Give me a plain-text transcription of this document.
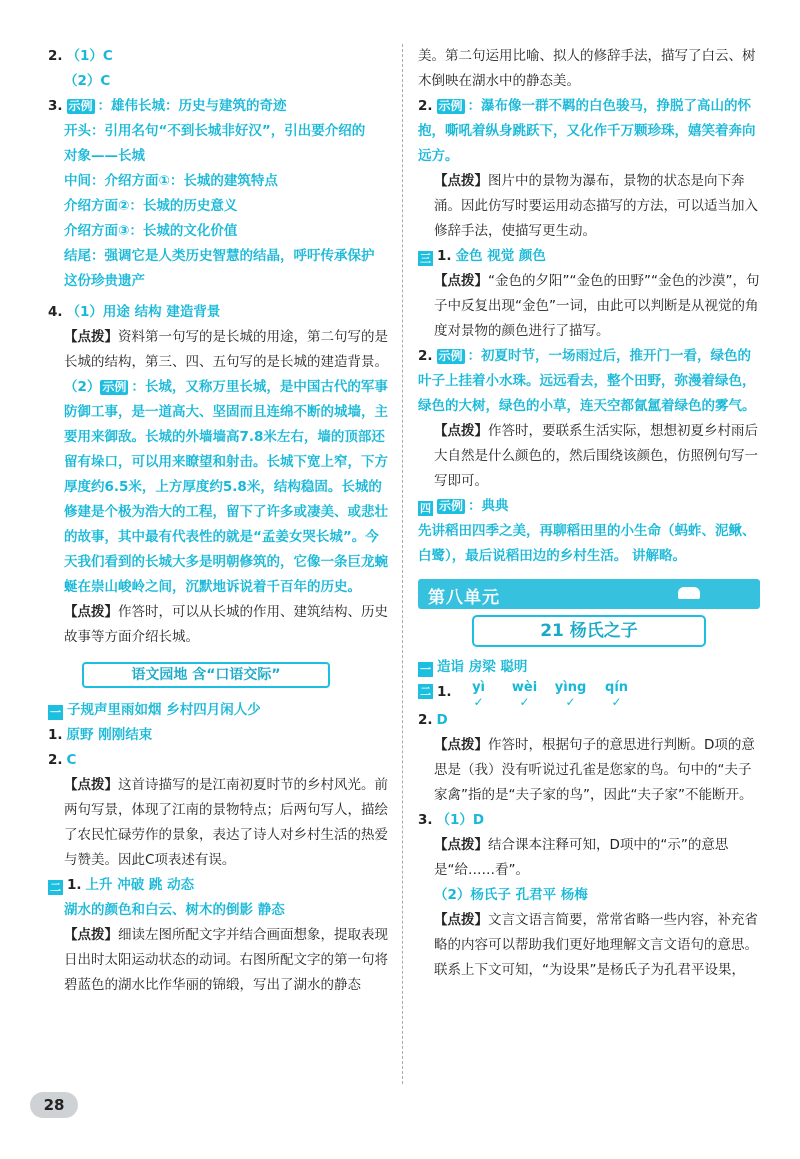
2. （1）C
（2）C
3. 示例 ：雄伟长城：历史与建筑的奇迹
开头：引用名句“不到长城非好汉”，引出要介绍的
对象——长城
中间：介绍方面①：长城的建筑特点
介绍方面②：长城的历史意义
介绍方面③：长城的文化价值
结尾：强调它是人类历史智慧的结晶，呼吁传承保护
这份珍贵遗产
4. （1）用途 结构 建造背景
【点拨】资料第一句写的是长城的用途，第二句写的是长城的结构，第三、四、五句写的是长城的建造背景。
（2） 示例 ：长城，又称万里长城，是中国古代的军事防御工事，是一道高大、坚固而且连绵不断的城墙，主要用来御敌。长城的外墙墙高7.8米左右，墙的顶部还留有垛口，可以用来瞭望和射击。长城下宽上窄，下方厚度约6.5米，上方厚度约5.8米，结构稳固。长城的修建是个极为浩大的工程，留下了许多或凄美、或悲壮的故事，其中最有代表性的就是“孟姜女哭长城”。今天我们看到的长城大多是明朝修筑的，它像一条巨龙蜿蜒在崇山峻岭之间，沉默地诉说着千百年的历史。
【点拨】作答时，可以从长城的作用、建筑结构、历史故事等方面介绍长城。
语文园地 含“口语交际”
一 子规声里雨如烟 乡村四月闲人少
1. 原野 刚刚结束
2. C
【点拨】这首诗描写的是江南初夏时节的乡村风光。前两句写景，体现了江南的景物特点；后两句写人，描绘了农民忙碌劳作的景象，表达了诗人对乡村生活的热爱与赞美。因此C项表述有误。
二 1. 上升 冲破 跳 动态
湖水的颜色和白云、树木的倒影 静态
【点拨】细读左图所配文字并结合画面想象，提取表现日出时太阳运动状态的动词。右图所配文字的第一句将碧蓝色的湖水比作华丽的锦缎，写出了湖水的静态
美。第二句运用比喻、拟人的修辞手法，描写了白云、树木倒映在湖水中的静态美。
2. 示例 ：瀑布像一群不羁的白色骏马，挣脱了高山的怀抱，嘶吼着纵身跳跃下，又化作千万颗珍珠，嬉笑着奔向远方。
【点拨】图片中的景物为瀑布，景物的状态是向下奔涌。因此仿写时要运用动态描写的方法，可以适当加入修辞手法，使描写更生动。
三 1. 金色 视觉 颜色
【点拨】“金色的夕阳”“金色的田野”“金色的沙漠”，句子中反复出现“金色”一词，由此可以判断是从视觉的角度对景物的颜色进行了描写。
2. 示例 ：初夏时节，一场雨过后，推开门一看，绿色的叶子上挂着小水珠。远远看去，整个田野，弥漫着绿色，绿色的大树，绿色的小草，连天空都氤氲着绿色的雾气。
【点拨】作答时，要联系生活实际，想想初夏乡村雨后大自然是什么颜色的，然后围绕该颜色，仿照例句写一写即可。
四 示例 ：典典
先讲稻田四季之美，再聊稻田里的小生命（蚂蚱、泥鳅、白鹭），最后说稻田边的乡村生活。 讲解略。
第八单元
21 杨氏之子
一 造诣 房梁 聪明
二 1.	yì
✓
wèi
✓
yìng
✓
qín
✓
2. D
【点拨】作答时，根据句子的意思进行判断。D项的意思是（我）没有听说过孔雀是您家的鸟。句中的“夫子家禽”指的是“夫子家的鸟”，因此“夫子家”不能断开。
3. （1）D
【点拨】结合课本注释可知，D项中的“示”的意思是“给……看”。
（2）杨氏子 孔君平 杨梅
【点拨】文言文语言简要，常常省略一些内容，补充省略的内容可以帮助我们更好地理解文言文语句的意思。联系上下文可知，“为设果”是杨氏子为孔君平设果，
28
